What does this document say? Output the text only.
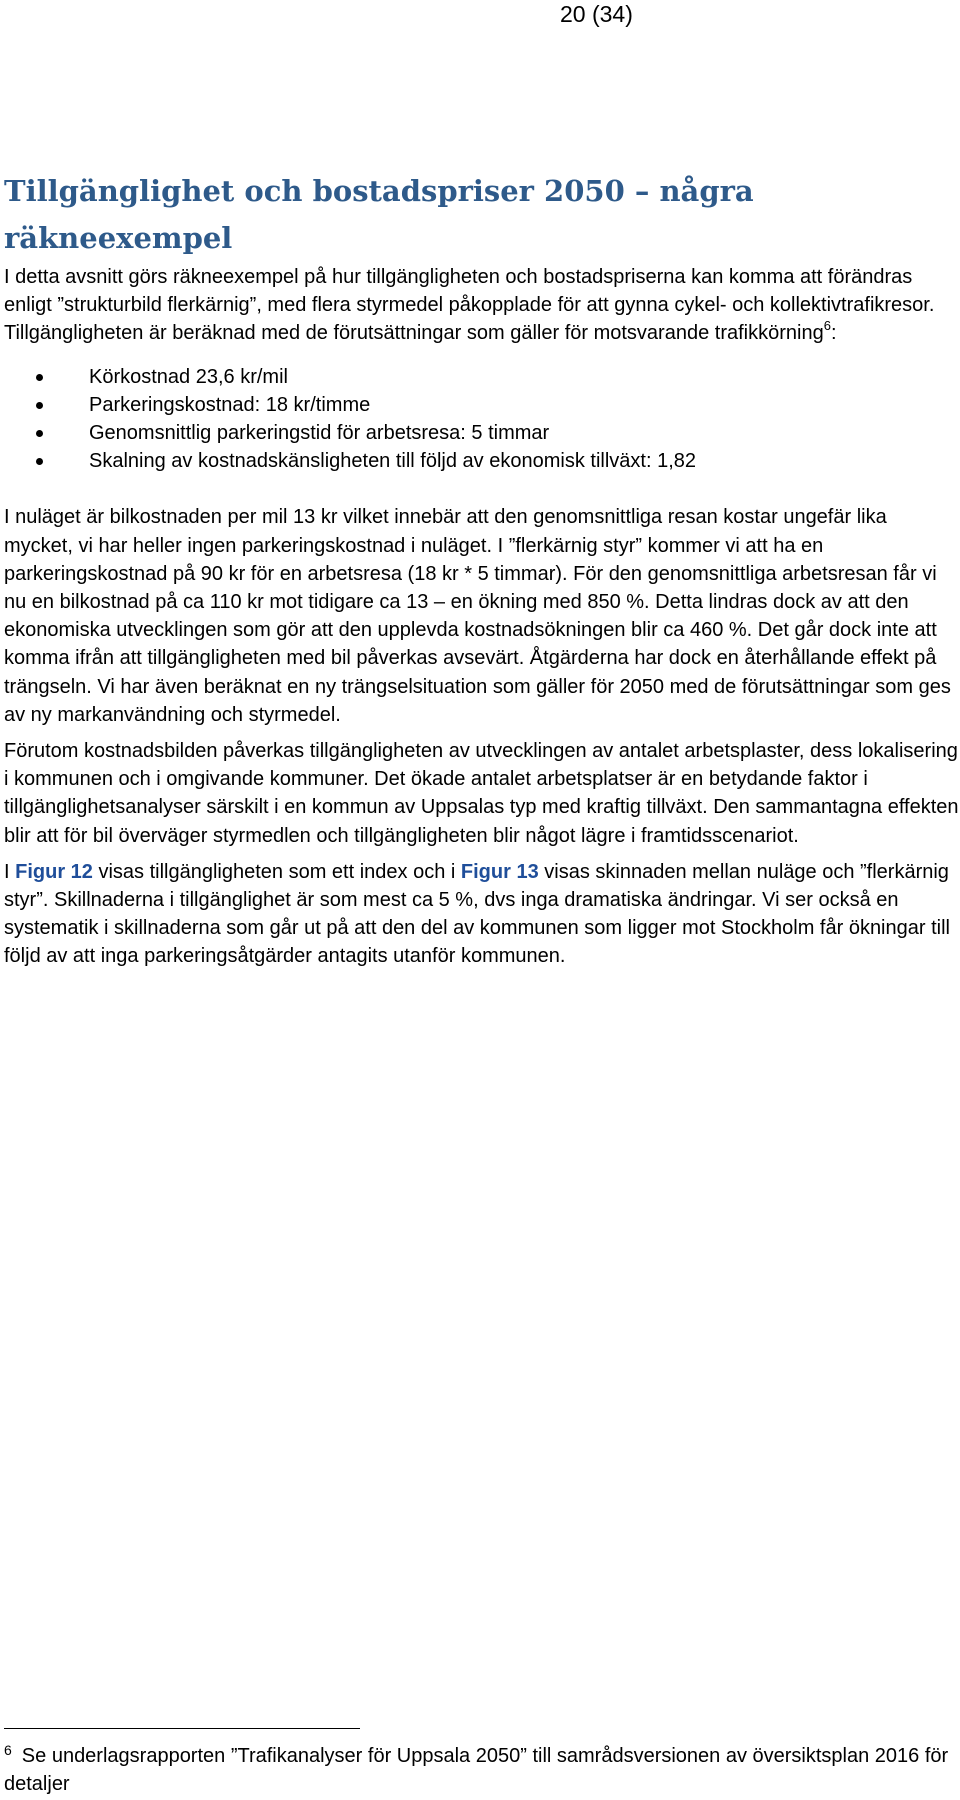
20 (34)
Tillgänglighet och bostadspriser 2050 – några räkneexempel

I detta avsnitt görs räkneexempel på hur tillgängligheten och bostadspriserna kan komma att förändras enligt ”strukturbild flerkärnig”, med flera styrmedel påkopplade för att gynna cykel- och kollektivtrafikresor. Tillgängligheten är beräknad med de förutsättningar som gäller för motsvarande trafikkörning$^6$:

Körkostnad 23,6 kr/mil
Parkeringskostnad: 18 kr/timme
Genomsnittlig parkeringstid för arbetsresa: 5 timmar
Skalning av kostnadskänsligheten till följd av ekonomisk tillväxt: 1,82

I nuläget är bilkostnaden per mil 13 kr vilket innebär att den genomsnittliga resan kostar ungefär lika mycket, vi har heller ingen parkeringskostnad i nuläget. I ”flerkärnig styr” kommer vi att ha en parkeringskostnad på 90 kr för en arbetsresa (18 kr * 5 timmar). För den genomsnittliga arbetsresan får vi nu en bilkostnad på ca 110 kr mot tidigare ca 13 – en ökning med 850 %. Detta lindras dock av att den ekonomiska utvecklingen som gör att den upplevda kostnadsökningen blir ca 460 %. Det går dock inte att komma ifrån att tillgängligheten med bil påverkas avsevärt. Åtgärderna har dock en återhållande effekt på trängseln. Vi har även beräknat en ny trängselsituation som gäller för 2050 med de förutsättningar som ges av ny markanvändning och styrmedel.

Förutom kostnadsbilden påverkas tillgängligheten av utvecklingen av antalet arbetsplaster, dess lokalisering i kommunen och i omgivande kommuner. Det ökade antalet arbetsplatser är en betydande faktor i tillgänglighetsanalyser särskilt i en kommun av Uppsalas typ med kraftig tillväxt. Den sammantagna effekten blir att för bil överväger styrmedlen och tillgängligheten blir något lägre i framtidsscenariot.

I Figur 12 visas tillgängligheten som ett index och i Figur 13 visas skinnaden mellan nuläge och ”flerkärnig styr”. Skillnaderna i tillgänglighet är som mest ca 5 %, dvs inga dramatiska ändringar. Vi ser också en systematik i skillnaderna som går ut på att den del av kommunen som ligger mot Stockholm får ökningar till följd av att inga parkeringsåtgärder antagits utanför kommunen.

$^6$ Se underlagsrapporten ”Trafikanalyser för Uppsala 2050” till samrådsversionen av översiktsplan 2016 för detaljer
